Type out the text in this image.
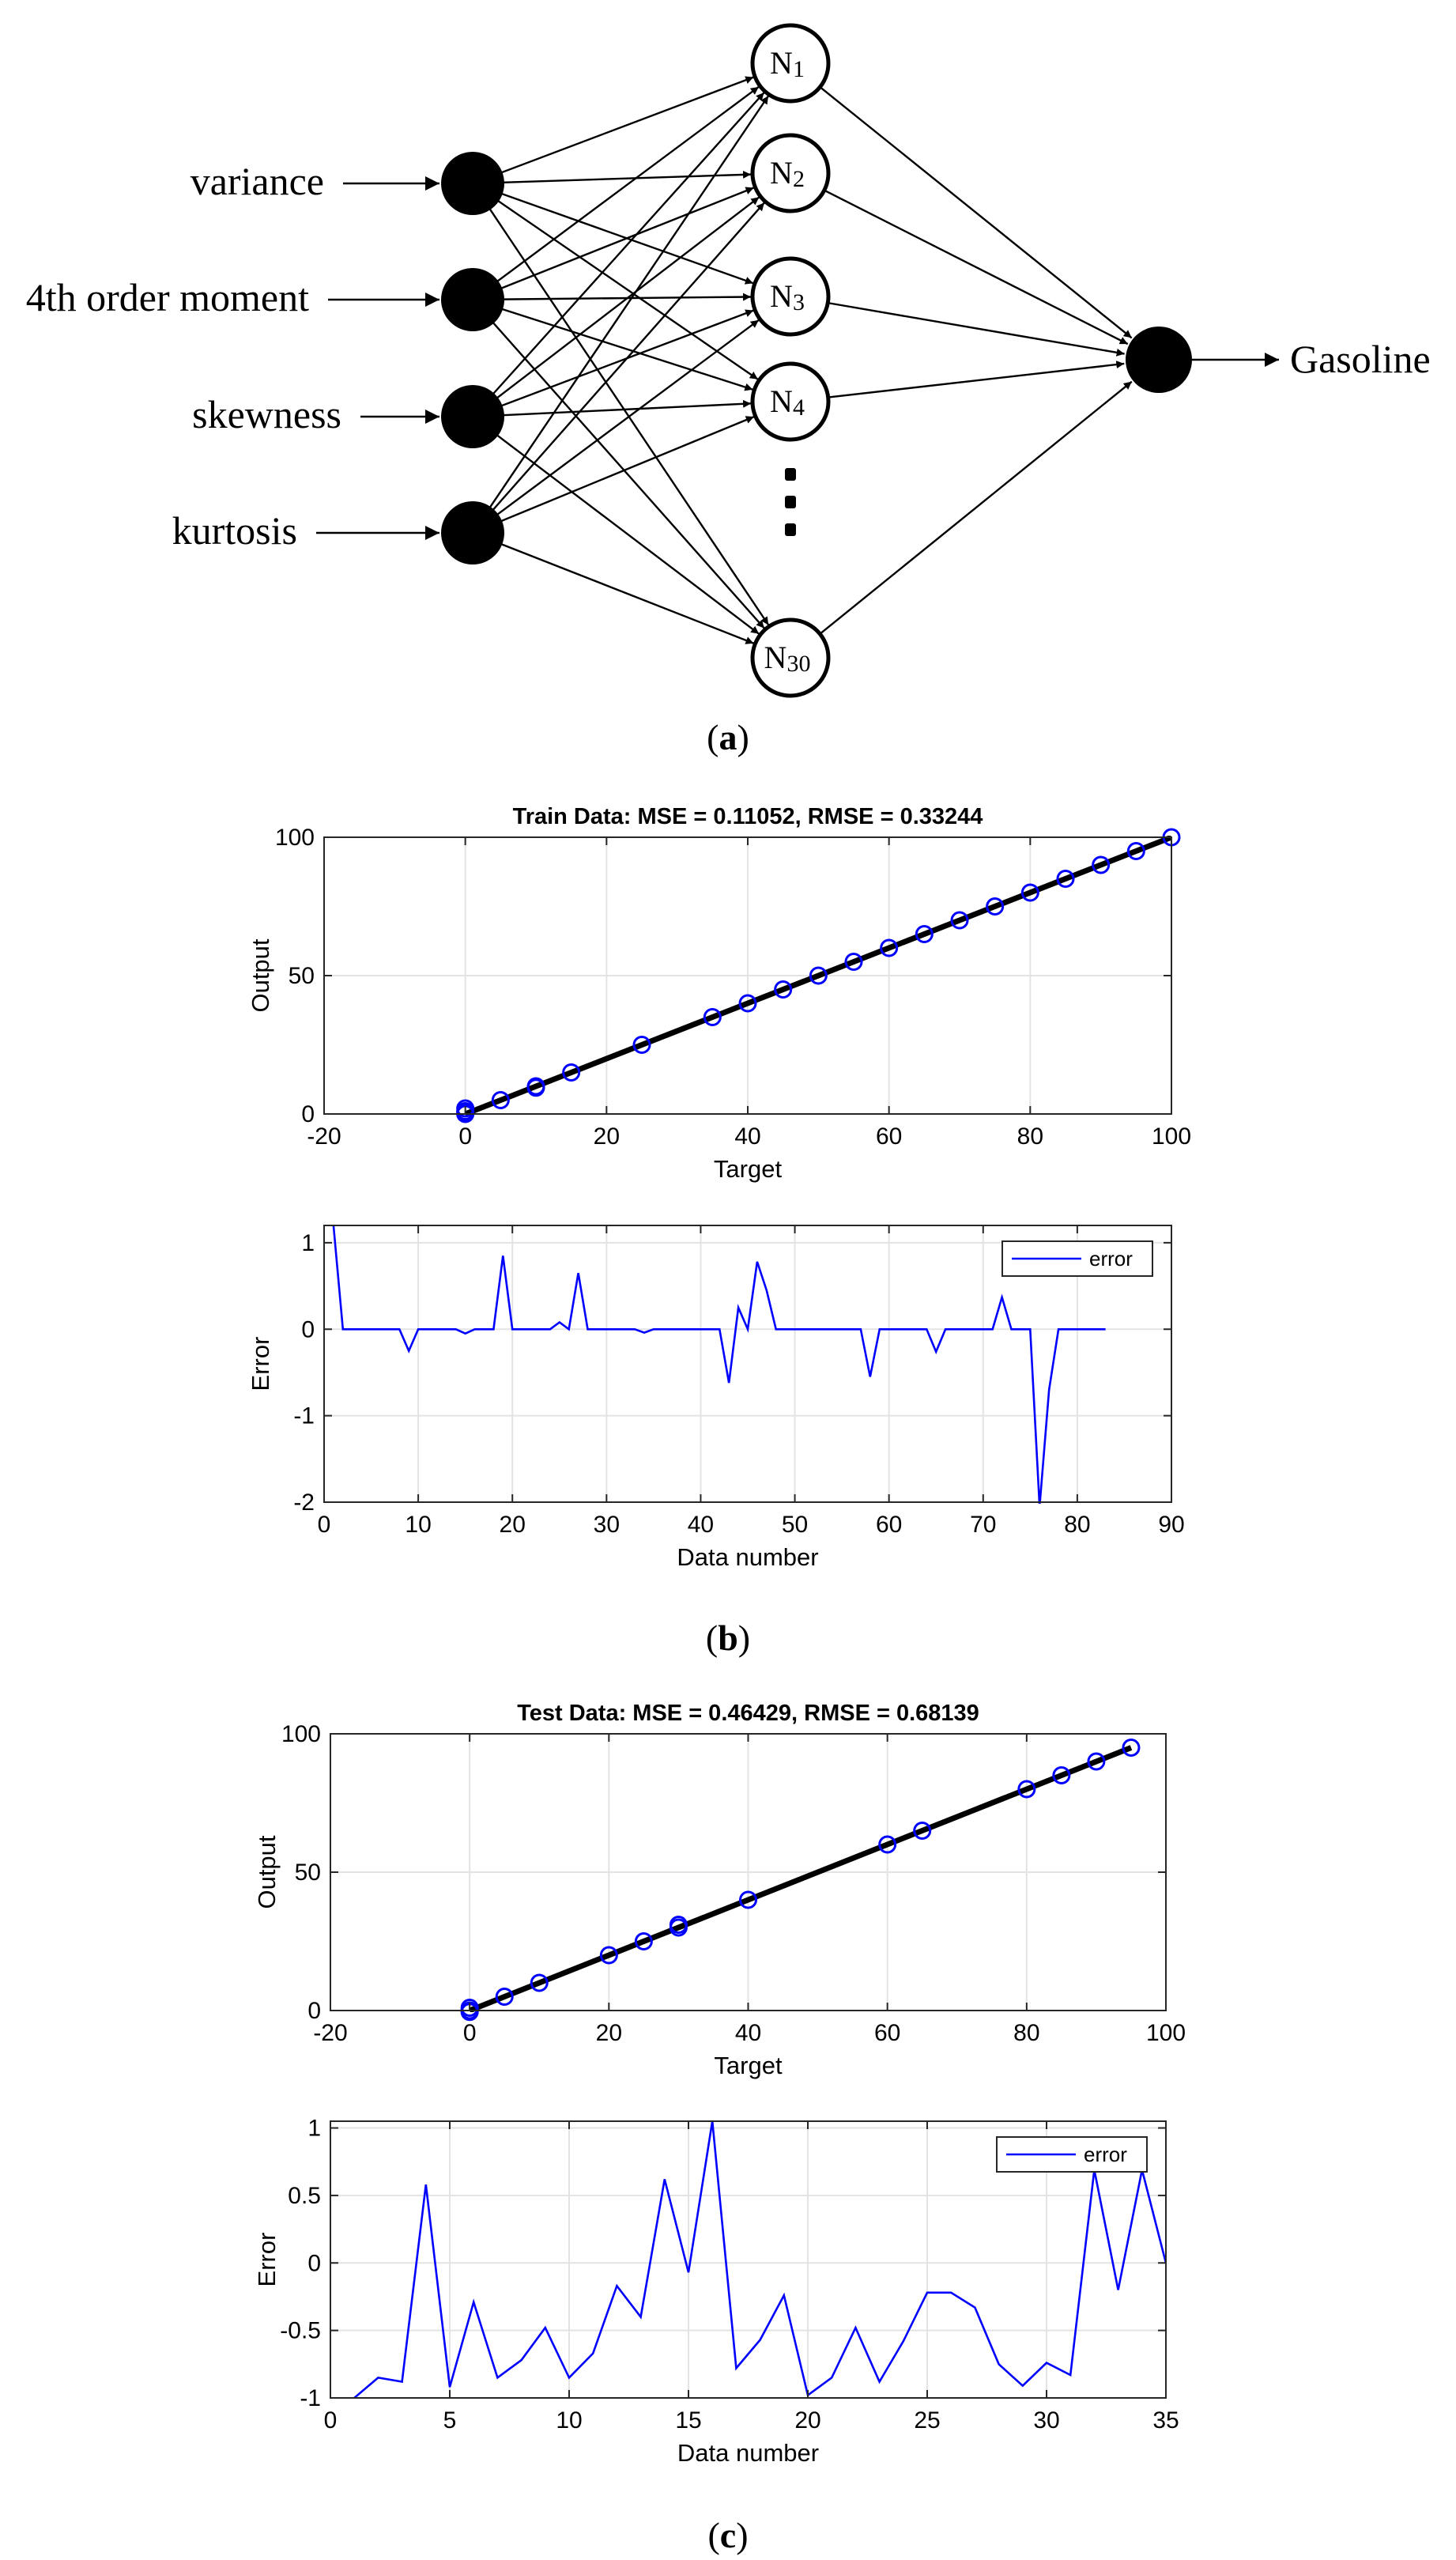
N1
N2
N3
N4
N30
variance
4th order moment
skewness
kurtosis
Gasoline
(a)
(b)
(c)
-20	0	20	40	60	80	100
0
50
100
Target
Output
Train Data: MSE = 0.11052, RMSE = 0.33244
0	10	20	30	40	50	60	70	80	90
-2
-1
0
1
Data number
Error
error
-20	0	20	40	60	80	100
0
50
100
Target
Output
Test Data: MSE = 0.46429, RMSE = 0.68139
0	5	10	15	20	25	30	35
-1
-0.5
0
0.5
1
Data number
Error
error
